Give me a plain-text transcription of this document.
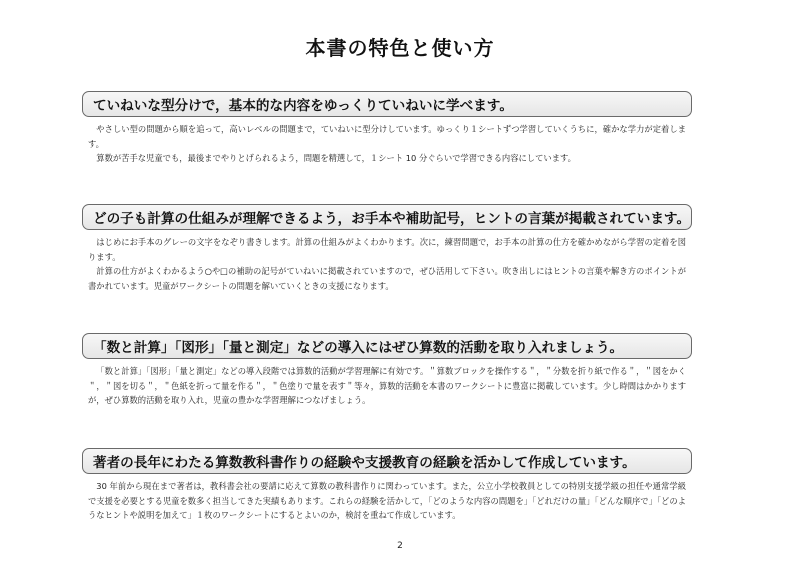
本書の特色と使い方
ていねいな型分けで，基本的な内容をゆっくりていねいに学べます。

やさしい型の問題から順を追って，高いレベルの問題まで，ていねいに型分けしています。ゆっくり１シートずつ学習していくうちに，確かな学力が定着します。

算数が苦手な児童でも，最後までやりとげられるよう，問題を精選して，１シート 10 分ぐらいで学習できる内容にしています。

どの子も計算の仕組みが理解できるよう，お手本や補助記号，ヒントの言葉が掲載されています。

はじめにお手本のグレーの文字をなぞり書きします。計算の仕組みがよくわかります。次に，練習問題で，お手本の計算の仕方を確かめながら学習の定着を図ります。

計算の仕方がよくわかるよう○や□の補助の記号がていねいに掲載されていますので，ぜひ活用して下さい。吹き出しにはヒントの言葉や解き方のポイントが書かれています。児童がワークシートの問題を解いていくときの支援になります。

「数と計算」「図形」「量と測定」などの導入にはぜひ算数的活動を取り入れましょう。

「数と計算」「図形」「量と測定」などの導入段階では算数的活動が学習理解に有効です。＂算数ブロックを操作する＂，＂分数を折り紙で作る＂，＂図をかく＂，＂図を切る＂，＂色紙を折って量を作る＂，＂色塗りで量を表す＂等々，算数的活動を本書のワークシートに豊富に掲載しています。少し時間はかかりますが，ぜひ算数的活動を取り入れ，児童の豊かな学習理解につなげましょう。

著者の長年にわたる算数教科書作りの経験や支援教育の経験を活かして作成しています。

30 年前から現在まで著者は，教科書会社の要請に応えて算数の教科書作りに関わっています。また，公立小学校教員としての特別支援学級の担任や通常学級で支援を必要とする児童を数多く担当してきた実績もあります。これらの経験を活かして，｢どのような内容の問題を｣「どれだけの量」「どんな順序で」「どのようなヒントや説明を加えて」１枚のワークシートにするとよいのか，検討を重ねて作成しています。

2
